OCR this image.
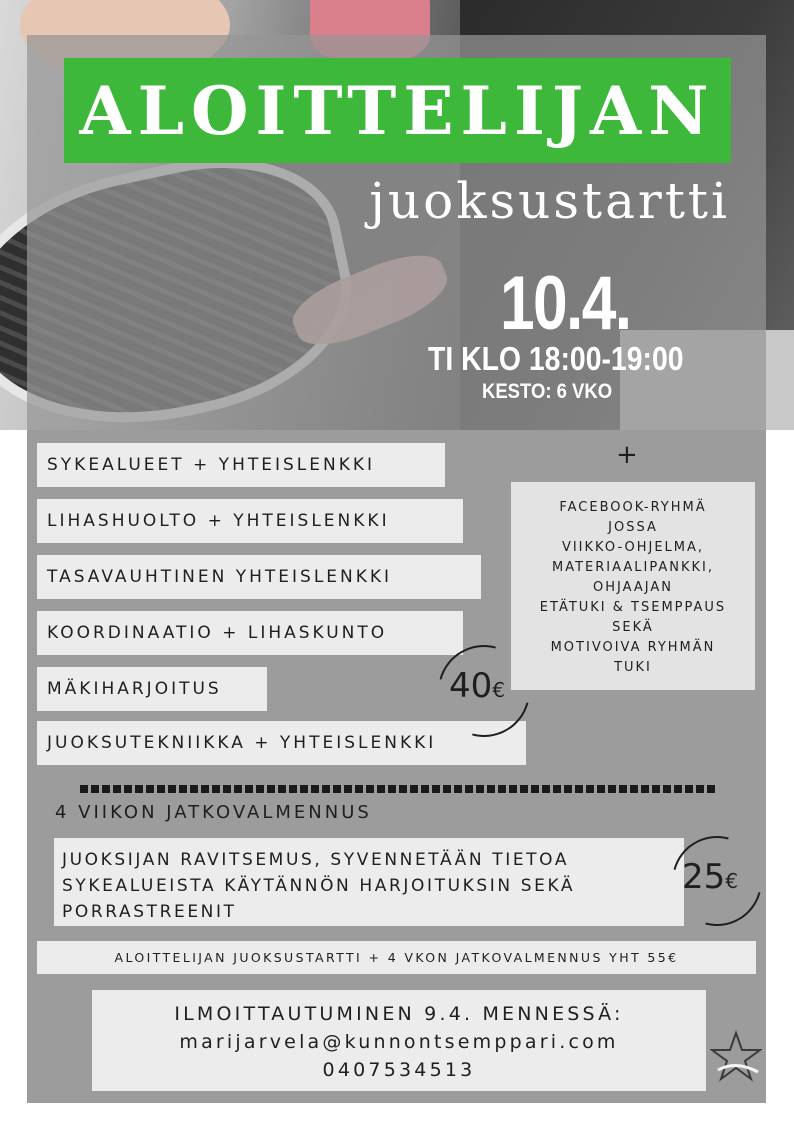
ALOITTELIJAN
juoksustartti
10.4.
TI KLO 18:00-19:00
KESTO: 6 VKO
SYKEALUEET + YHTEISLENKKI
LIHASHUOLTO + YHTEISLENKKI
TASAVAUHTINEN YHTEISLENKKI
KOORDINAATIO + LIHASKUNTO
MÄKIHARJOITUS
JUOKSUTEKNIIKKA + YHTEISLENKKI
+
FACEBOOK-RYHMÄ
JOSSA
VIIKKO-OHJELMA,
MATERIAALIPANKKI,
OHJAAJAN
ETÄTUKI & TSEMPPAUS
SEKÄ
MOTIVOIVA RYHMÄN
TUKI
40€
4 VIIKON JATKOVALMENNUS
JUOKSIJAN RAVITSEMUS, SYVENNETÄÄN TIETOA
SYKEALUEISTA KÄYTÄNNÖN HARJOITUKSIN SEKÄ
PORRASTREENIT
25€
ALOITTELIJAN JUOKSUSTARTTI + 4 VKON JATKOVALMENNUS YHT 55€
ILMOITTAUTUMINEN 9.4. MENNESSÄ:
marijarvela@kunnontsemppari.com
0407534513
